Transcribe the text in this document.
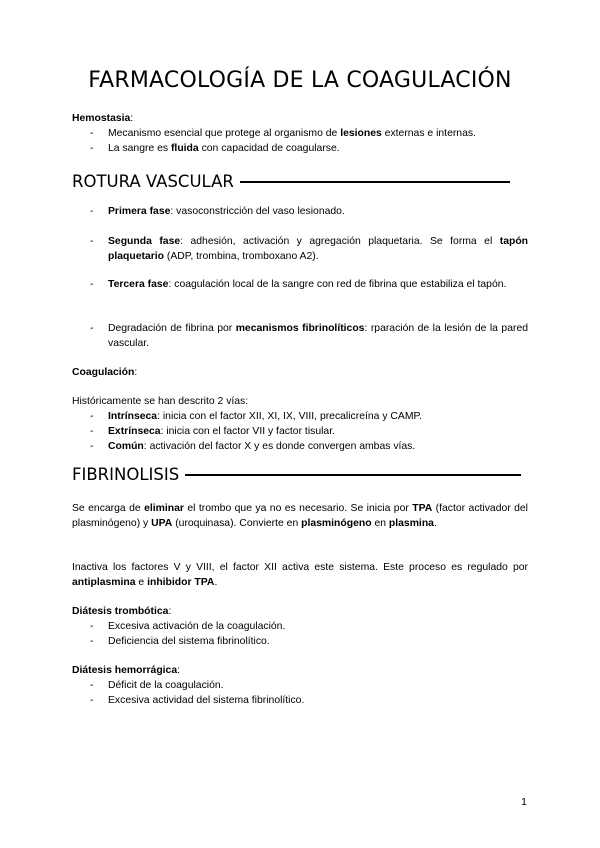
FARMACOLOGÍA DE LA COAGULACIÓN
Hemostasia:
- Mecanismo esencial que protege al organismo de lesiones externas e internas.
- La sangre es fluida con capacidad de coagularse.
ROTURA VASCULAR
- Primera fase: vasoconstricción del vaso lesionado.
- Segunda fase: adhesión, activación y agregación plaquetaria. Se forma el tapón plaquetario (ADP, trombina, tromboxano A2).
- Tercera fase: coagulación local de la sangre con red de fibrina que estabiliza el tapón.
- Degradación de fibrina por mecanismos fibrinolíticos: rparación de la lesión de la pared vascular.
Coagulación:
Históricamente se han descrito 2 vías:
- Intrínseca: inicia con el factor XII, XI, IX, VIII, precalicreína y CAMP.
- Extrínseca: inicia con el factor VII y factor tisular.
- Común: activación del factor X y es donde convergen ambas vías.
FIBRINOLISIS
Se encarga de eliminar el trombo que ya no es necesario. Se inicia por TPA (factor activador del plasminógeno) y UPA (uroquinasa). Convierte en plasminógeno en plasmina.
Inactiva los factores V y VIII, el factor XII activa este sistema. Este proceso es regulado por antiplasmina e inhibidor TPA.
Diátesis trombótica:
- Excesiva activación de la coagulación.
- Deficiencia del sistema fibrinolítico.
Diátesis hemorrágica:
- Déficit de la coagulación.
- Excesiva actividad del sistema fibrinolítico.
1
